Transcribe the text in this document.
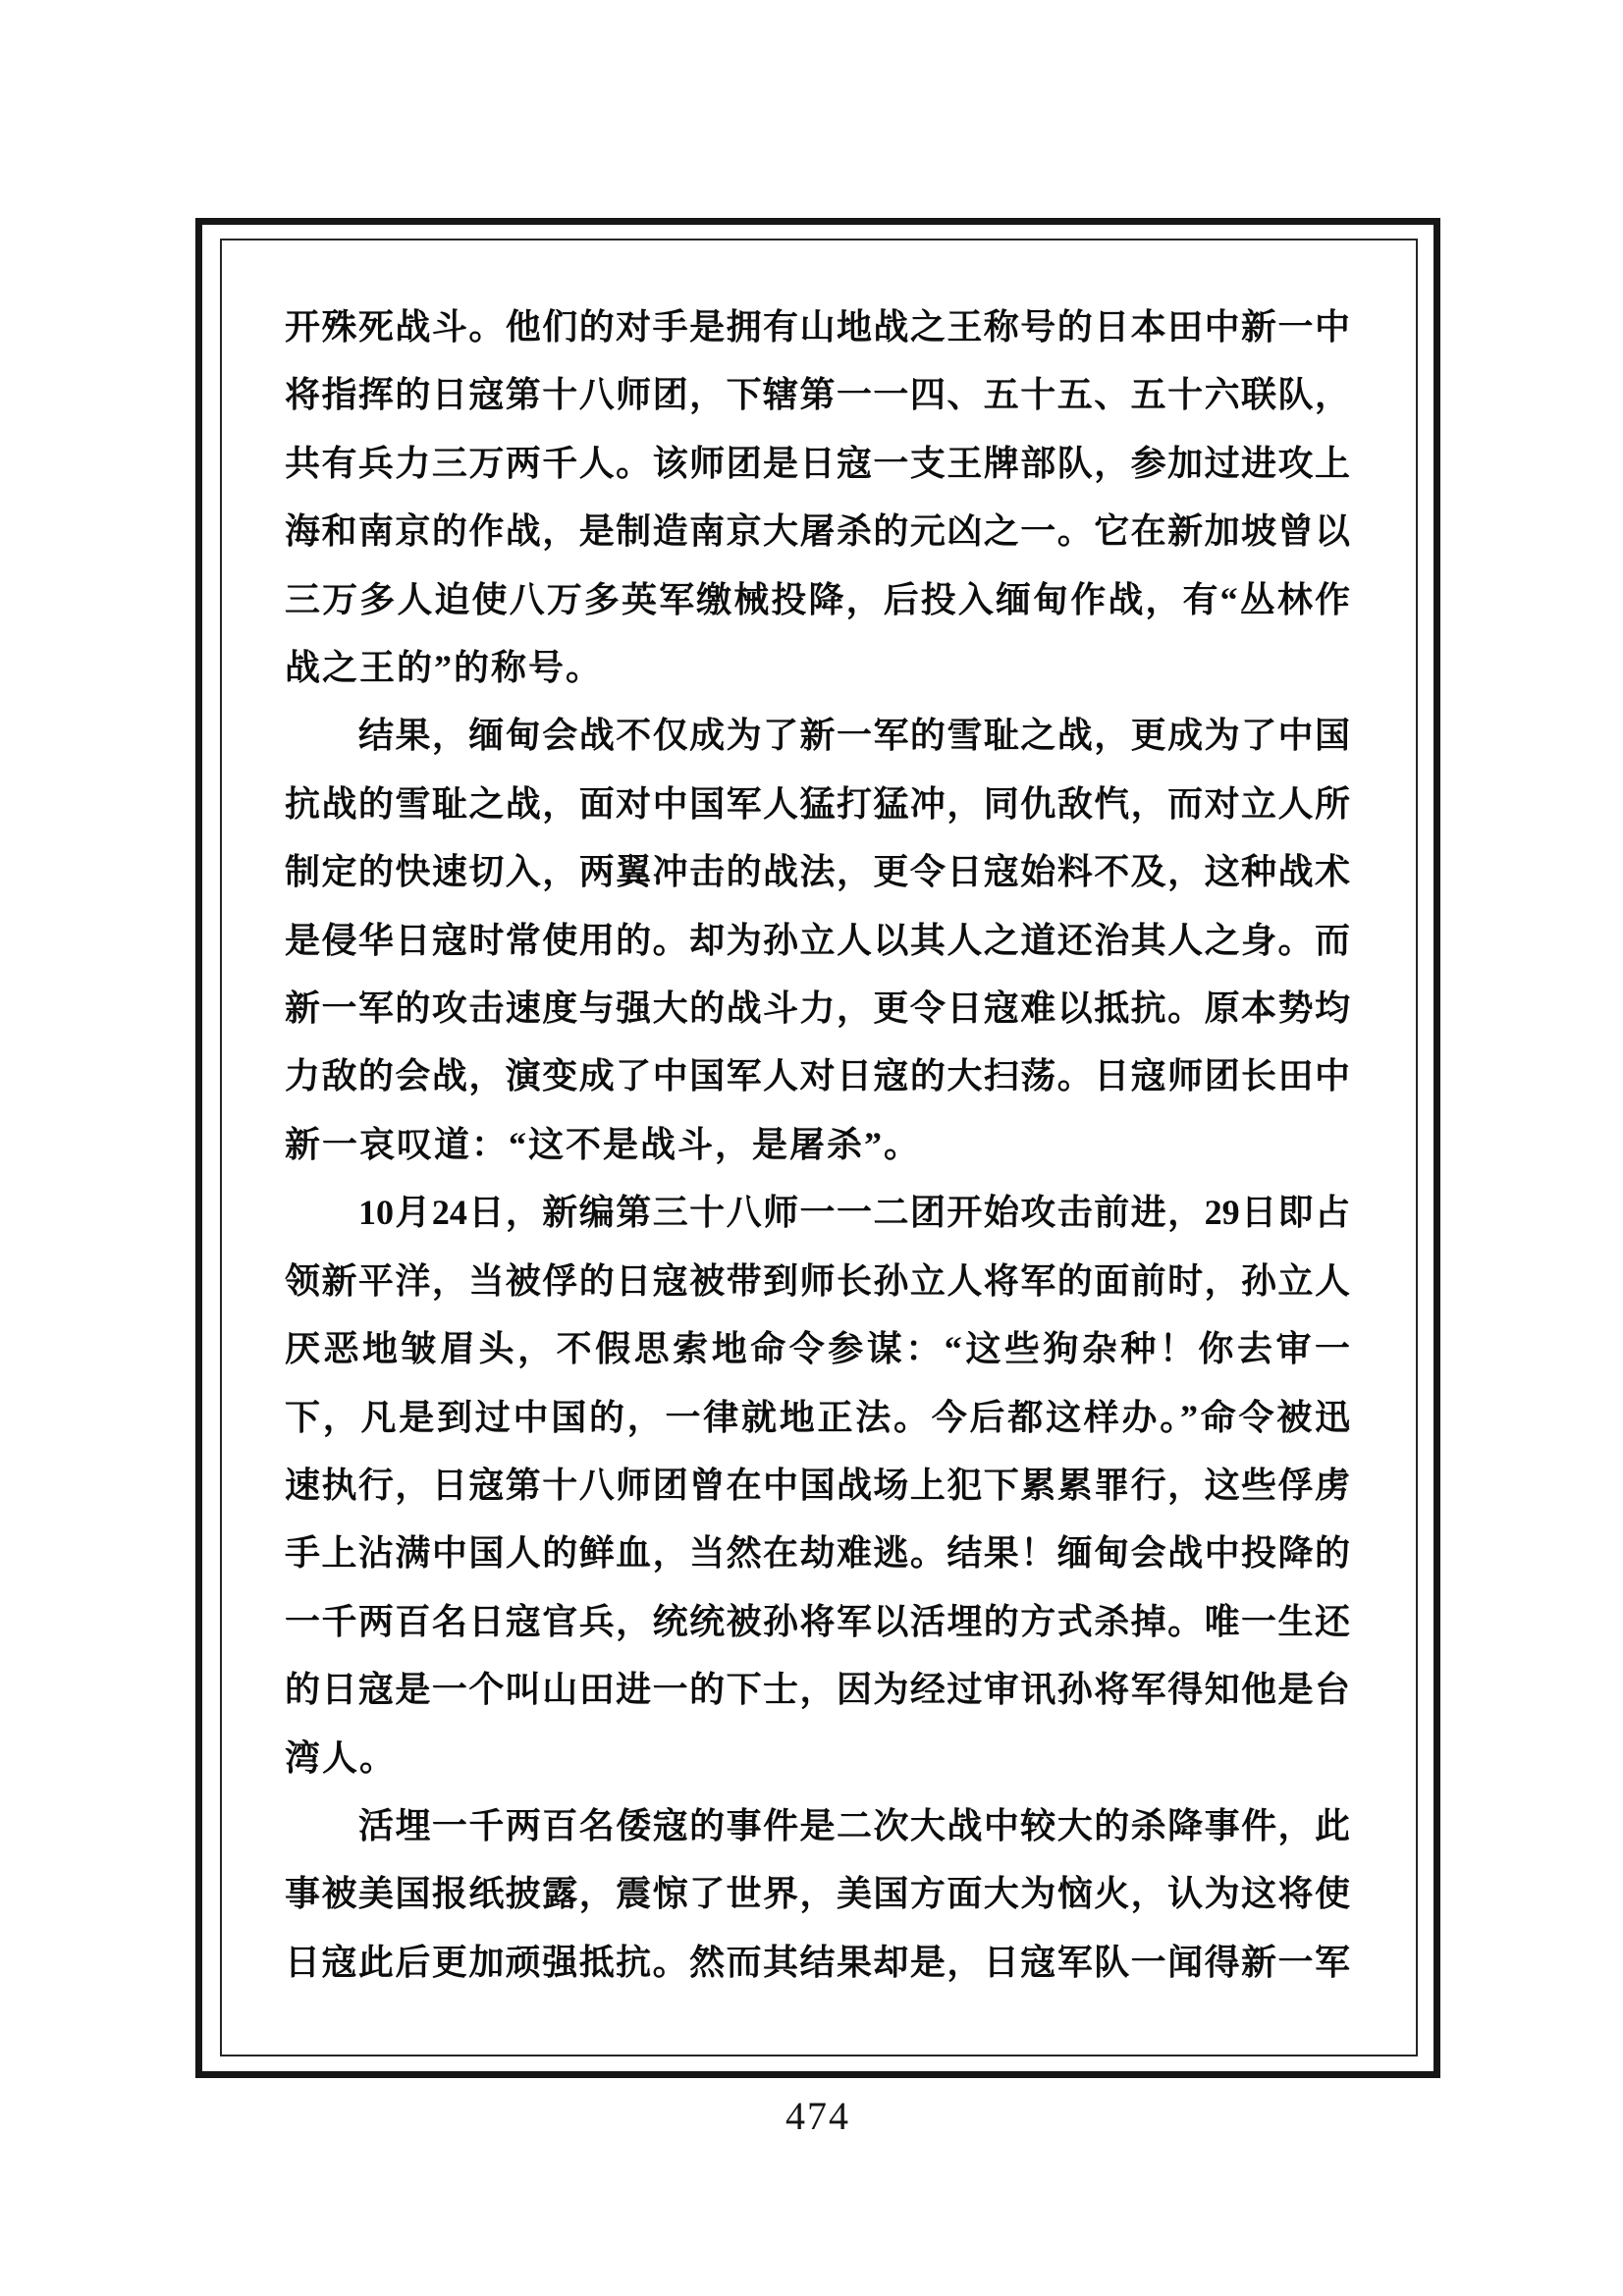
开殊死战斗。他们的对手是拥有山地战之王称号的日本田中新一中

将指挥的日寇第十八师团，下辖第一一四、五十五、五十六联队，

共有兵力三万两千人。该师团是日寇一支王牌部队，参加过进攻上

海和南京的作战，是制造南京大屠杀的元凶之一。它在新加坡曾以

三万多人迫使八万多英军缴械投降，后投入缅甸作战，有“丛林作

战之王的”的称号。

结果，缅甸会战不仅成为了新一军的雪耻之战，更成为了中国

抗战的雪耻之战，面对中国军人猛打猛冲，同仇敌忾，而对立人所

制定的快速切入，两翼冲击的战法，更令日寇始料不及，这种战术

是侵华日寇时常使用的。却为孙立人以其人之道还治其人之身。而

新一军的攻击速度与强大的战斗力，更令日寇难以抵抗。原本势均

力敌的会战，演变成了中国军人对日寇的大扫荡。日寇师团长田中

新一哀叹道：“这不是战斗，是屠杀”。

10月24日，新编第三十八师一一二团开始攻击前进，29日即占

领新平洋，当被俘的日寇被带到师长孙立人将军的面前时，孙立人

厌恶地皱眉头，不假思索地命令参谋：“这些狗杂种！你去审一

下，凡是到过中国的，一律就地正法。今后都这样办。”命令被迅

速执行，日寇第十八师团曾在中国战场上犯下累累罪行，这些俘虏

手上沾满中国人的鲜血，当然在劫难逃。结果！缅甸会战中投降的

一千两百名日寇官兵，统统被孙将军以活埋的方式杀掉。唯一生还

的日寇是一个叫山田进一的下士，因为经过审讯孙将军得知他是台

湾人。

活埋一千两百名倭寇的事件是二次大战中较大的杀降事件，此

事被美国报纸披露，震惊了世界，美国方面大为恼火，认为这将使

日寇此后更加顽强抵抗。然而其结果却是，日寇军队一闻得新一军

474
